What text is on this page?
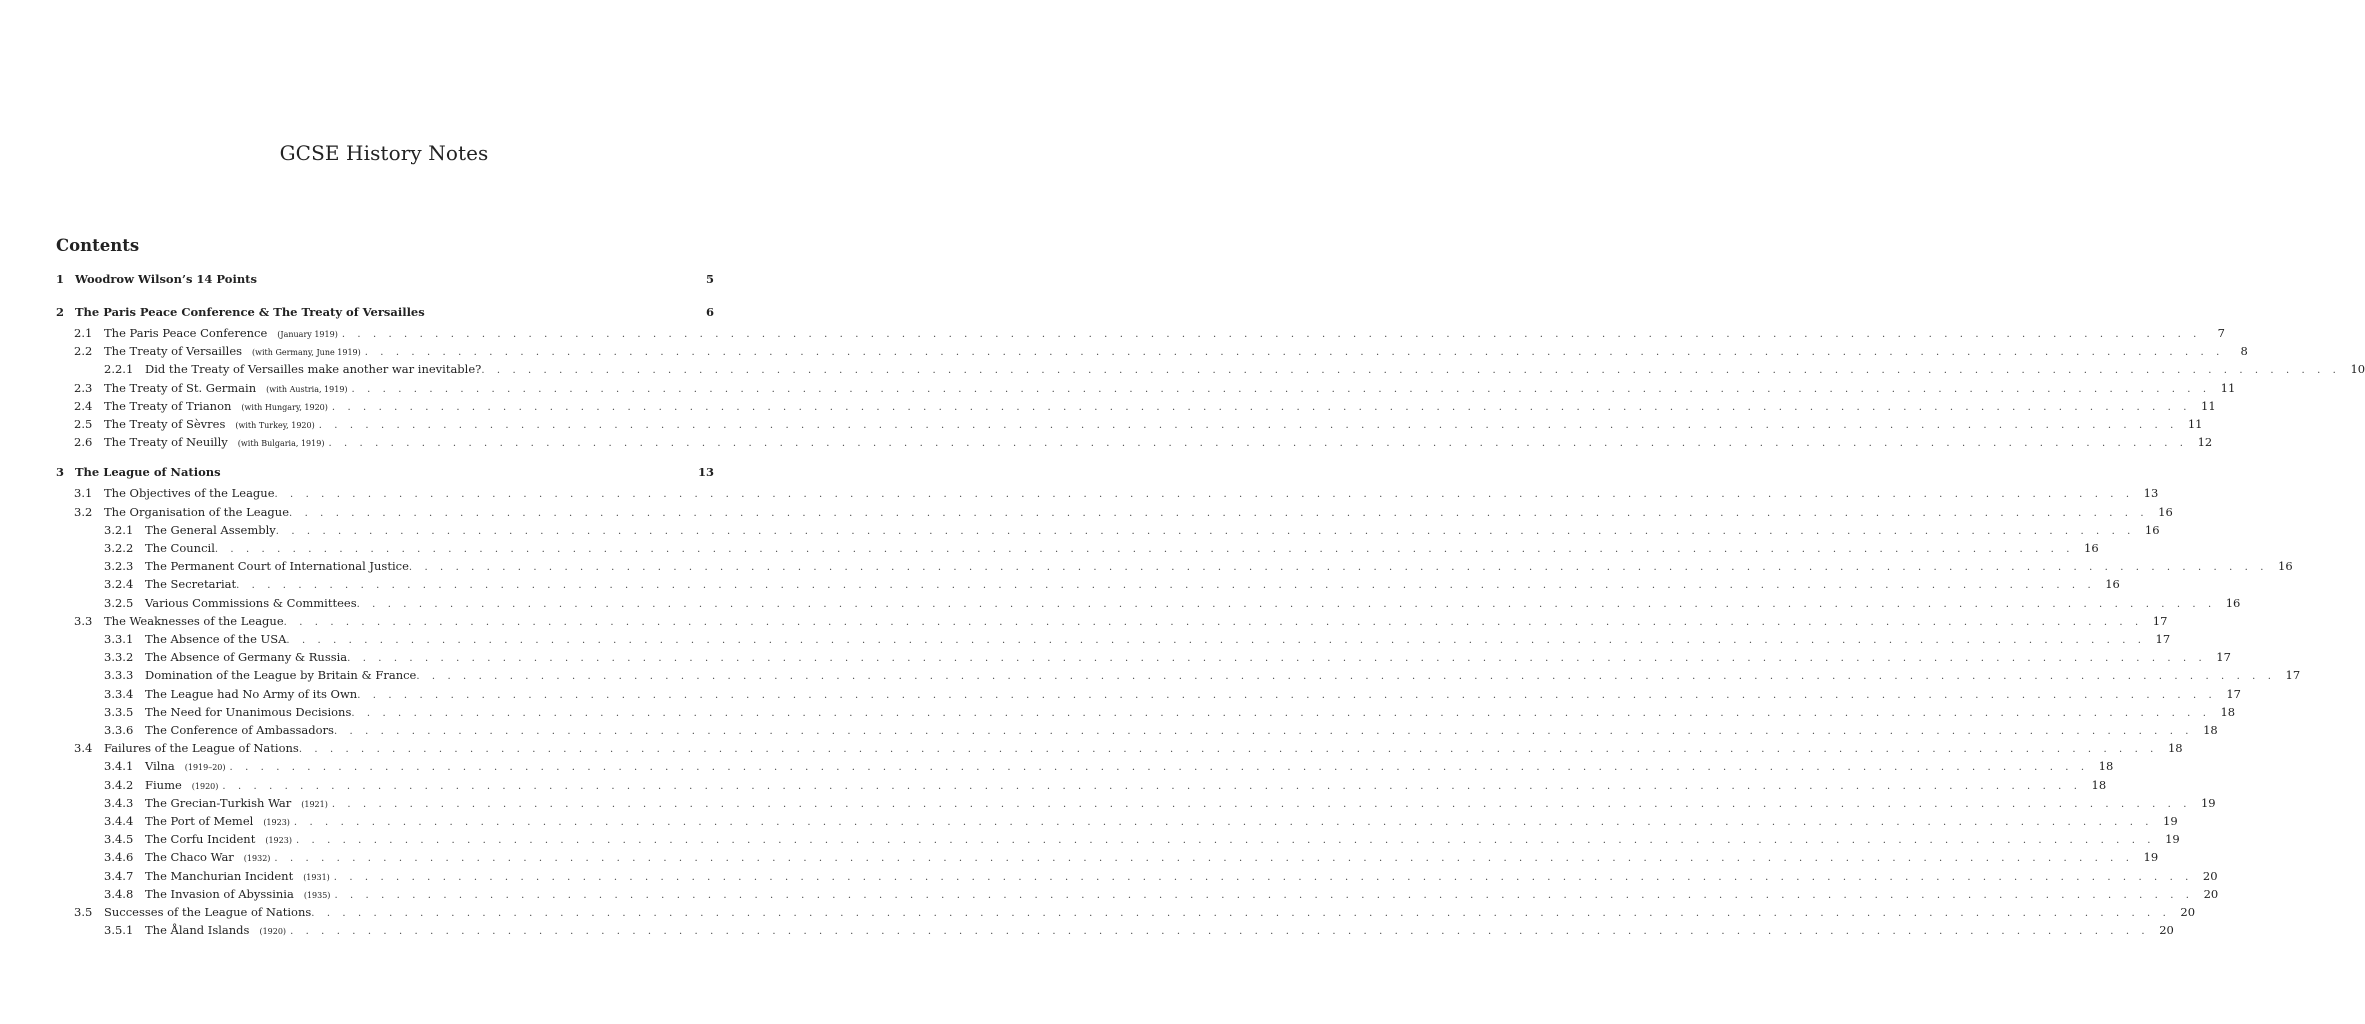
GCSE History Notes
Contents
1 Woodrow Wilson’s 14 Points	5
2 The Paris Peace Conference & The Treaty of Versailles	6
2.1 The Paris Peace Conference (January 1919) . . . . . . . . . . . . . . . . . . . . . . . . . . . . . . . . . . . . . . . . . . . . . . . . . . . . . . . . . . . . . . . . . . . . . . . . . . . . . . . . . . . . . . . . . . . . . . . . . . . . . . . . . . . . . . . . . . . . . . . .	7
2.2 The Treaty of Versailles (with Germany, June 1919) . . . . . . . . . . . . . . . . . . . . . . . . . . . . . . . . . . . . . . . . . . . . . . . . . . . . . . . . . . . . . . . . . . . . . . . . . . . . . . . . . . . . . . . . . . . . . . . . . . . . . . . . . . . . . . . . . . . . . . . .	8
2.2.1 Did the Treaty of Versailles make another war inevitable? . . . . . . . . . . . . . . . . . . . . . . . . . . . . . . . . . . . . . . . . . . . . . . . . . . . . . . . . . . . . . . . . . . . . . . . . . . . . . . . . . . . . . . . . . . . . . . . . . . . . . . . . . . . . . . . . . . . . . . . . 10
2.3 The Treaty of St. Germain (with Austria, 1919) . . . . . . . . . . . . . . . . . . . . . . . . . . . . . . . . . . . . . . . . . . . . . . . . . . . . . . . . . . . . . . . . . . . . . . . . . . . . . . . . . . . . . . . . . . . . . . . . . . . . . . . . . . . . . . . . . . . . . . . . 11
2.4 The Treaty of Trianon (with Hungary, 1920) . . . . . . . . . . . . . . . . . . . . . . . . . . . . . . . . . . . . . . . . . . . . . . . . . . . . . . . . . . . . . . . . . . . . . . . . . . . . . . . . . . . . . . . . . . . . . . . . . . . . . . . . . . . . . . . . . . . . . . . . 11
2.5 The Treaty of Sèvres (with Turkey, 1920) . . . . . . . . . . . . . . . . . . . . . . . . . . . . . . . . . . . . . . . . . . . . . . . . . . . . . . . . . . . . . . . . . . . . . . . . . . . . . . . . . . . . . . . . . . . . . . . . . . . . . . . . . . . . . . . . . . . . . . . . 11
2.6 The Treaty of Neuilly (with Bulgaria, 1919) . . . . . . . . . . . . . . . . . . . . . . . . . . . . . . . . . . . . . . . . . . . . . . . . . . . . . . . . . . . . . . . . . . . . . . . . . . . . . . . . . . . . . . . . . . . . . . . . . . . . . . . . . . . . . . . . . . . . . . . . 12
3 The League of Nations	13
3.1 The Objectives of the League . . . . . . . . . . . . . . . . . . . . . . . . . . . . . . . . . . . . . . . . . . . . . . . . . . . . . . . . . . . . . . . . . . . . . . . . . . . . . . . . . . . . . . . . . . . . . . . . . . . . . . . . . . . . . . . . . . . . . . . . 13
3.2 The Organisation of the League . . . . . . . . . . . . . . . . . . . . . . . . . . . . . . . . . . . . . . . . . . . . . . . . . . . . . . . . . . . . . . . . . . . . . . . . . . . . . . . . . . . . . . . . . . . . . . . . . . . . . . . . . . . . . . . . . . . . . . . . 16
3.2.1 The General Assembly . . . . . . . . . . . . . . . . . . . . . . . . . . . . . . . . . . . . . . . . . . . . . . . . . . . . . . . . . . . . . . . . . . . . . . . . . . . . . . . . . . . . . . . . . . . . . . . . . . . . . . . . . . . . . . . . . . . . . . . . 16
3.2.2 The Council . . . . . . . . . . . . . . . . . . . . . . . . . . . . . . . . . . . . . . . . . . . . . . . . . . . . . . . . . . . . . . . . . . . . . . . . . . . . . . . . . . . . . . . . . . . . . . . . . . . . . . . . . . . . . . . . . . . . . . . . 16
3.2.3 The Permanent Court of International Justice . . . . . . . . . . . . . . . . . . . . . . . . . . . . . . . . . . . . . . . . . . . . . . . . . . . . . . . . . . . . . . . . . . . . . . . . . . . . . . . . . . . . . . . . . . . . . . . . . . . . . . . . . . . . . . . . . . . . . . . . 16
3.2.4 The Secretariat . . . . . . . . . . . . . . . . . . . . . . . . . . . . . . . . . . . . . . . . . . . . . . . . . . . . . . . . . . . . . . . . . . . . . . . . . . . . . . . . . . . . . . . . . . . . . . . . . . . . . . . . . . . . . . . . . . . . . . . . 16
3.2.5 Various Commissions & Committees . . . . . . . . . . . . . . . . . . . . . . . . . . . . . . . . . . . . . . . . . . . . . . . . . . . . . . . . . . . . . . . . . . . . . . . . . . . . . . . . . . . . . . . . . . . . . . . . . . . . . . . . . . . . . . . . . . . . . . . . 16
3.3 The Weaknesses of the League . . . . . . . . . . . . . . . . . . . . . . . . . . . . . . . . . . . . . . . . . . . . . . . . . . . . . . . . . . . . . . . . . . . . . . . . . . . . . . . . . . . . . . . . . . . . . . . . . . . . . . . . . . . . . . . . . . . . . . . . 17
3.3.1 The Absence of the USA . . . . . . . . . . . . . . . . . . . . . . . . . . . . . . . . . . . . . . . . . . . . . . . . . . . . . . . . . . . . . . . . . . . . . . . . . . . . . . . . . . . . . . . . . . . . . . . . . . . . . . . . . . . . . . . . . . . . . . . . 17
3.3.2 The Absence of Germany & Russia . . . . . . . . . . . . . . . . . . . . . . . . . . . . . . . . . . . . . . . . . . . . . . . . . . . . . . . . . . . . . . . . . . . . . . . . . . . . . . . . . . . . . . . . . . . . . . . . . . . . . . . . . . . . . . . . . . . . . . . . 17
3.3.3 Domination of the League by Britain & France . . . . . . . . . . . . . . . . . . . . . . . . . . . . . . . . . . . . . . . . . . . . . . . . . . . . . . . . . . . . . . . . . . . . . . . . . . . . . . . . . . . . . . . . . . . . . . . . . . . . . . . . . . . . . . . . . . . . . . . . 17
3.3.4 The League had No Army of its Own . . . . . . . . . . . . . . . . . . . . . . . . . . . . . . . . . . . . . . . . . . . . . . . . . . . . . . . . . . . . . . . . . . . . . . . . . . . . . . . . . . . . . . . . . . . . . . . . . . . . . . . . . . . . . . . . . . . . . . . . 17
3.3.5 The Need for Unanimous Decisions . . . . . . . . . . . . . . . . . . . . . . . . . . . . . . . . . . . . . . . . . . . . . . . . . . . . . . . . . . . . . . . . . . . . . . . . . . . . . . . . . . . . . . . . . . . . . . . . . . . . . . . . . . . . . . . . . . . . . . . . 18
3.3.6 The Conference of Ambassadors . . . . . . . . . . . . . . . . . . . . . . . . . . . . . . . . . . . . . . . . . . . . . . . . . . . . . . . . . . . . . . . . . . . . . . . . . . . . . . . . . . . . . . . . . . . . . . . . . . . . . . . . . . . . . . . . . . . . . . . . 18
3.4 Failures of the League of Nations . . . . . . . . . . . . . . . . . . . . . . . . . . . . . . . . . . . . . . . . . . . . . . . . . . . . . . . . . . . . . . . . . . . . . . . . . . . . . . . . . . . . . . . . . . . . . . . . . . . . . . . . . . . . . . . . . . . . . . . . 18
3.4.1 Vilna (1919–20) . . . . . . . . . . . . . . . . . . . . . . . . . . . . . . . . . . . . . . . . . . . . . . . . . . . . . . . . . . . . . . . . . . . . . . . . . . . . . . . . . . . . . . . . . . . . . . . . . . . . . . . . . . . . . . . . . . . . . . . . 18
3.4.2 Fiume (1920) . . . . . . . . . . . . . . . . . . . . . . . . . . . . . . . . . . . . . . . . . . . . . . . . . . . . . . . . . . . . . . . . . . . . . . . . . . . . . . . . . . . . . . . . . . . . . . . . . . . . . . . . . . . . . . . . . . . . . . . . 18
3.4.3 The Grecian-Turkish War (1921) . . . . . . . . . . . . . . . . . . . . . . . . . . . . . . . . . . . . . . . . . . . . . . . . . . . . . . . . . . . . . . . . . . . . . . . . . . . . . . . . . . . . . . . . . . . . . . . . . . . . . . . . . . . . . . . . . . . . . . . . 19
3.4.4 The Port of Memel (1923) . . . . . . . . . . . . . . . . . . . . . . . . . . . . . . . . . . . . . . . . . . . . . . . . . . . . . . . . . . . . . . . . . . . . . . . . . . . . . . . . . . . . . . . . . . . . . . . . . . . . . . . . . . . . . . . . . . . . . . . . 19
3.4.5 The Corfu Incident (1923) . . . . . . . . . . . . . . . . . . . . . . . . . . . . . . . . . . . . . . . . . . . . . . . . . . . . . . . . . . . . . . . . . . . . . . . . . . . . . . . . . . . . . . . . . . . . . . . . . . . . . . . . . . . . . . . . . . . . . . . . 19
3.4.6 The Chaco War (1932) . . . . . . . . . . . . . . . . . . . . . . . . . . . . . . . . . . . . . . . . . . . . . . . . . . . . . . . . . . . . . . . . . . . . . . . . . . . . . . . . . . . . . . . . . . . . . . . . . . . . . . . . . . . . . . . . . . . . . . . . 19
3.4.7 The Manchurian Incident (1931) . . . . . . . . . . . . . . . . . . . . . . . . . . . . . . . . . . . . . . . . . . . . . . . . . . . . . . . . . . . . . . . . . . . . . . . . . . . . . . . . . . . . . . . . . . . . . . . . . . . . . . . . . . . . . . . . . . . . . . . . 20
3.4.8 The Invasion of Abyssinia (1935) . . . . . . . . . . . . . . . . . . . . . . . . . . . . . . . . . . . . . . . . . . . . . . . . . . . . . . . . . . . . . . . . . . . . . . . . . . . . . . . . . . . . . . . . . . . . . . . . . . . . . . . . . . . . . . . . . . . . . . . . 20
3.5 Successes of the League of Nations . . . . . . . . . . . . . . . . . . . . . . . . . . . . . . . . . . . . . . . . . . . . . . . . . . . . . . . . . . . . . . . . . . . . . . . . . . . . . . . . . . . . . . . . . . . . . . . . . . . . . . . . . . . . . . . . . . . . . . . . 20
3.5.1 The Åland Islands (1920) . . . . . . . . . . . . . . . . . . . . . . . . . . . . . . . . . . . . . . . . . . . . . . . . . . . . . . . . . . . . . . . . . . . . . . . . . . . . . . . . . . . . . . . . . . . . . . . . . . . . . . . . . . . . . . . . . . . . . . . . 20
